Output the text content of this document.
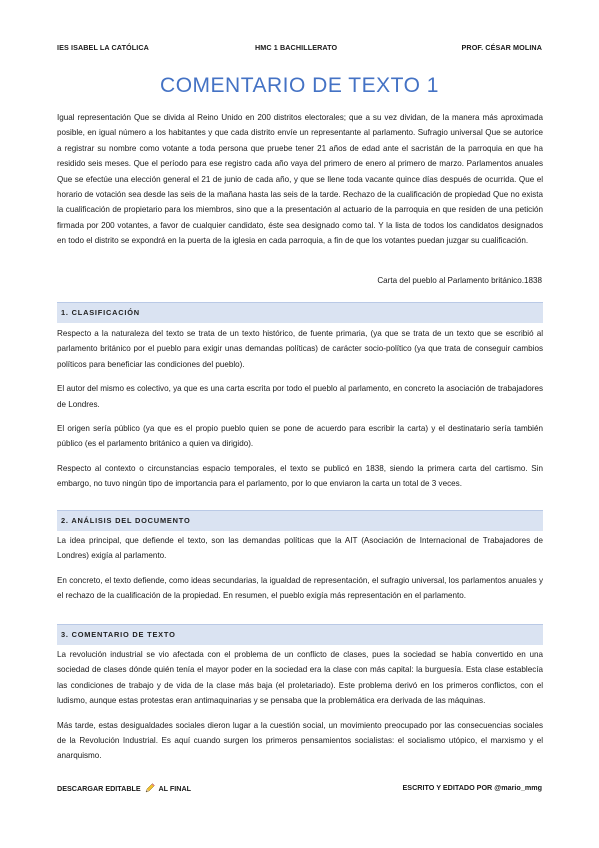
IES ISABEL LA CATÓLICA	HMC 1 BACHILLERATO	PROF. CÉSAR MOLINA
COMENTARIO DE TEXTO 1

Igual representación Que se divida al Reino Unido en 200 distritos electorales; que a su vez dividan, de la manera más aproximada posible, en igual número a los habitantes y que cada distrito envíe un representante al parlamento. Sufragio universal Que se autorice a registrar su nombre como votante a toda persona que pruebe tener 21 años de edad ante el sacristán de la parroquia en que ha residido seis meses. Que el período para ese registro cada año vaya del primero de enero al primero de marzo. Parlamentos anuales Que se efectúe una elección general el 21 de junio de cada año, y que se llene toda vacante quince días después de ocurrida. Que el horario de votación sea desde las seis de la mañana hasta las seis de la tarde. Rechazo de la cualificación de propiedad Que no exista la cualificación de propietario para los miembros, sino que a la presentación al actuario de la parroquia en que residen de una petición firmada por 200 votantes, a favor de cualquier candidato, éste sea designado como tal. Y la lista de todos los candidatos designados en todo el distrito se expondrá en la puerta de la iglesia en cada parroquia, a fin de que los votantes puedan juzgar su cualificación.

Carta del pueblo al Parlamento británico.1838
1. CLASIFICACIÓN

Respecto a la naturaleza del texto se trata de un texto histórico, de fuente primaria, (ya que se trata de un texto que se escribió al parlamento británico por el pueblo para exigir unas demandas políticas) de carácter socio-político (ya que trata de conseguir cambios políticos para beneficiar las condiciones del pueblo).

El autor del mismo es colectivo, ya que es una carta escrita por todo el pueblo al parlamento, en concreto la asociación de trabajadores de Londres.

El origen sería público (ya que es el propio pueblo quien se pone de acuerdo para escribir la carta) y el destinatario sería también público (es el parlamento británico a quien va dirigido).

Respecto al contexto o circunstancias espacio temporales, el texto se publicó en 1838, siendo la primera carta del cartismo. Sin embargo, no tuvo ningún tipo de importancia para el parlamento, por lo que enviaron la carta un total de 3 veces.

2. ANÁLISIS DEL DOCUMENTO

La idea principal, que defiende el texto, son las demandas políticas que la AIT (Asociación de Internacional de Trabajadores de Londres) exigía al parlamento.

En concreto, el texto defiende, como ideas secundarias, la igualdad de representación, el sufragio universal, los parlamentos anuales y el rechazo de la cualificación de la propiedad. En resumen, el pueblo exigía más representación en el parlamento.

3. COMENTARIO DE TEXTO

La revolución industrial se vio afectada con el problema de un conflicto de clases, pues la sociedad se había convertido en una sociedad de clases dónde quién tenía el mayor poder en la sociedad era la clase con más capital: la burguesía. Esta clase establecía las condiciones de trabajo y de vida de la clase más baja (el proletariado). Este problema derivó en los primeros conflictos, con el ludismo, aunque estas protestas eran antimaquinarias y se pensaba que la problemática era derivada de las máquinas.

Más tarde, estas desigualdades sociales dieron lugar a la cuestión social, un movimiento preocupado por las consecuencias sociales de la Revolución Industrial. Es aquí cuando surgen los primeros pensamientos socialistas: el socialismo utópico, el marxismo y el anarquismo.

DESCARGAR EDITABLE AL FINAL	ESCRITO Y EDITADO POR @mario_mmg
